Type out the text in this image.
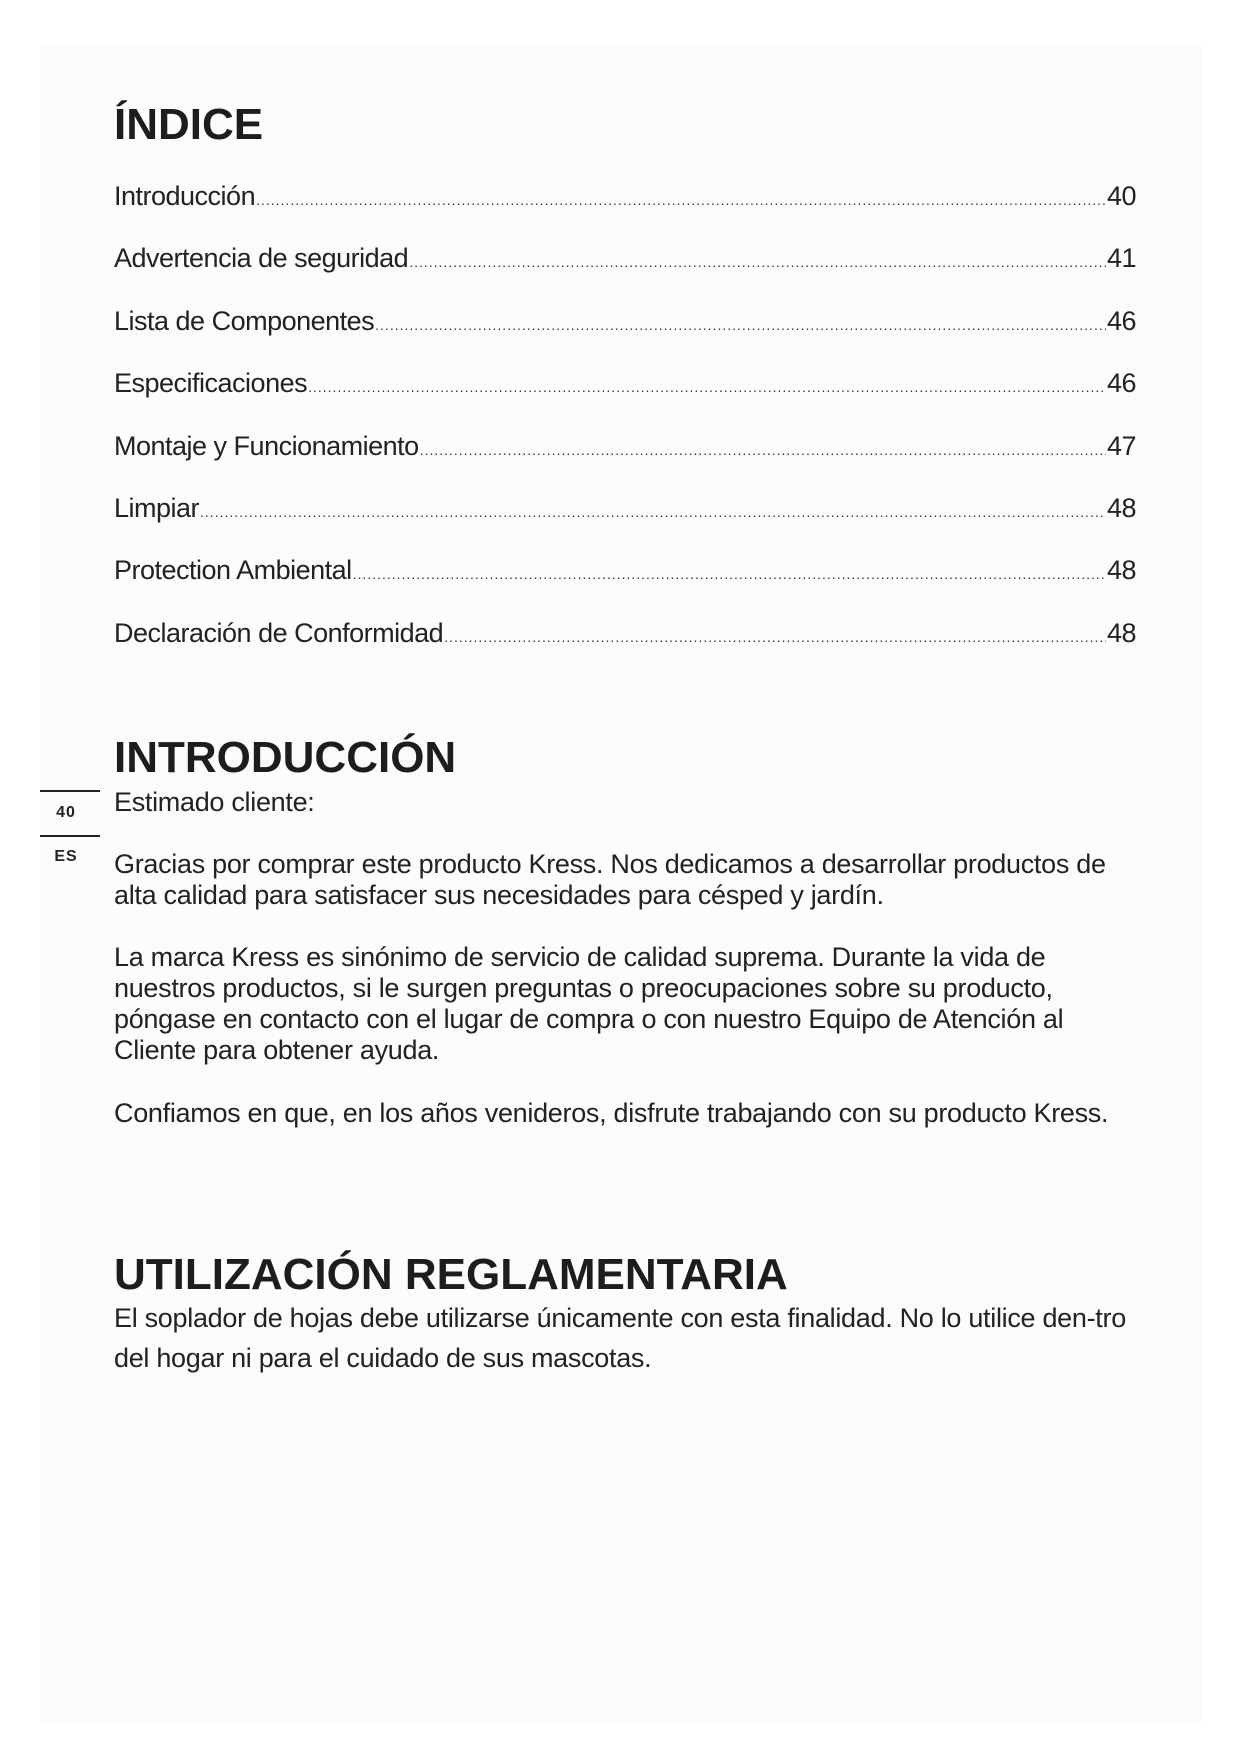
ÍNDICE
Introducción .....	40
Advertencia de seguridad .....	41
Lista de Componentes .....	46
Especificaciones .....	46
Montaje y Funcionamiento .....	47
Limpiar .....	48
Protection Ambiental .....	48
Declaración de Conformidad .....	48
INTRODUCCIÓN
40
ES

Estimado cliente:

Gracias por comprar este producto Kress. Nos dedicamos a desarrollar productos de alta calidad para satisfacer sus necesidades para césped y jardín.

La marca Kress es sinónimo de servicio de calidad suprema. Durante la vida de nuestros productos, si le surgen preguntas o preocupaciones sobre su producto, póngase en contacto con el lugar de compra o con nuestro Equipo de Atención al Cliente para obtener ayuda.

Confiamos en que, en los años venideros, disfrute trabajando con su producto Kress.

UTILIZACIÓN REGLAMENTARIA

El soplador de hojas debe utilizarse únicamente con esta finalidad. No lo utilice den-tro del hogar ni para el cuidado de sus mascotas.
